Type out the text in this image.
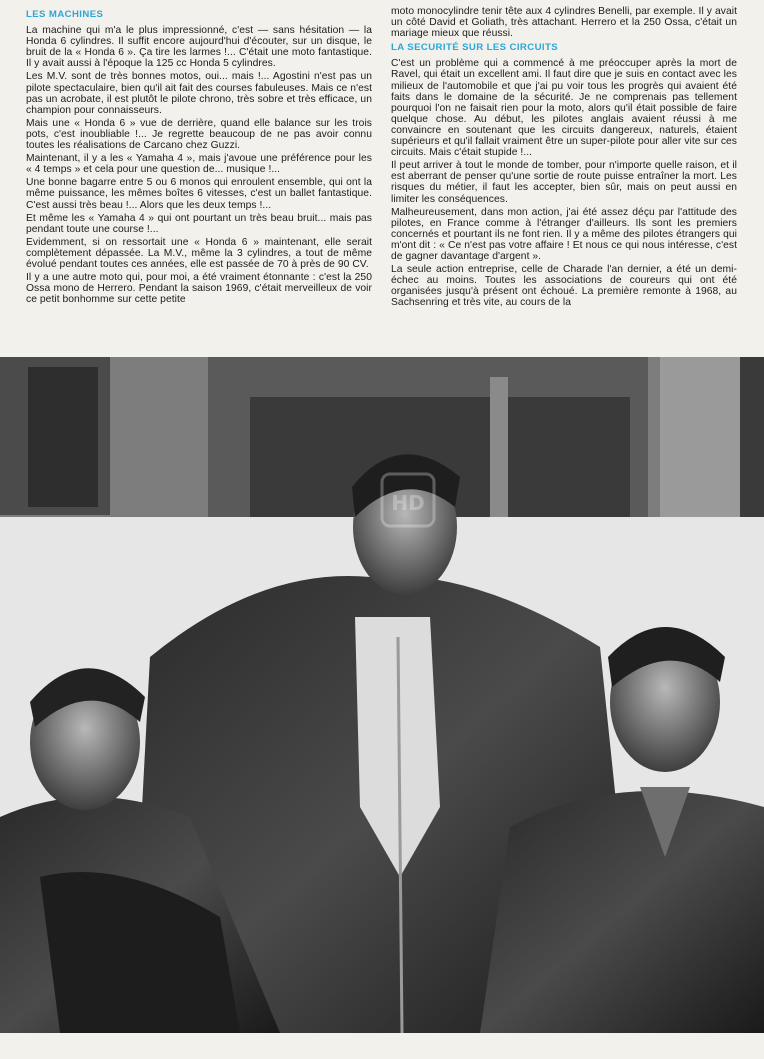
LES MACHINES

La machine qui m'a le plus impressionné, c'est — sans hésitation — la Honda 6 cylindres. Il suffit encore aujourd'hui d'écouter, sur un disque, le bruit de la « Honda 6 ». Ça tire les larmes !... C'était une moto fantastique. Il y avait aussi à l'époque la 125 cc Honda 5 cylindres.

Les M.V. sont de très bonnes motos, oui... mais !... Agostini n'est pas un pilote spectaculaire, bien qu'il ait fait des courses fabuleuses. Mais ce n'est pas un acrobate, il est plutôt le pilote chrono, très sobre et très efficace, un champion pour connaisseurs.

Mais une « Honda 6 » vue de derrière, quand elle balance sur les trois pots, c'est inoubliable !... Je regrette beaucoup de ne pas avoir connu toutes les réalisations de Carcano chez Guzzi.

Maintenant, il y a les « Yamaha 4 », mais j'avoue une préférence pour les « 4 temps » et cela pour une question de... musique !...

Une bonne bagarre entre 5 ou 6 monos qui enroulent ensemble, qui ont la même puissance, les mêmes boîtes 6 vitesses, c'est un ballet fantastique. C'est aussi très beau !... Alors que les deux temps !...

Et même les « Yamaha 4 » qui ont pourtant un très beau bruit... mais pas pendant toute une course !...

Evidemment, si on ressortait une « Honda 6 » maintenant, elle serait complètement dépassée. La M.V., même la 3 cylindres, a tout de même évolué pendant toutes ces années, elle est passée de 70 à près de 90 CV.

Il y a une autre moto qui, pour moi, a été vraiment étonnante : c'est la 250 Ossa mono de Herrero. Pendant la saison 1969, c'était merveilleux de voir ce petit bonhomme sur cette petite

moto monocylindre tenir tête aux 4 cylindres Benelli, par exemple. Il y avait un côté David et Goliath, très attachant. Herrero et la 250 Ossa, c'était un mariage mieux que réussi.

LA SECURITÉ SUR LES CIRCUITS

C'est un problème qui a commencé à me préoccuper après la mort de Ravel, qui était un excellent ami. Il faut dire que je suis en contact avec les milieux de l'automobile et que j'ai pu voir tous les progrès qui avaient été faits dans le domaine de la sécurité. Je ne comprenais pas tellement pourquoi l'on ne faisait rien pour la moto, alors qu'il était possible de faire quelque chose. Au début, les pilotes anglais avaient réussi à me convaincre en soutenant que les circuits dangereux, naturels, étaient supérieurs et qu'il fallait vraiment être un super-pilote pour aller vite sur ces circuits. Mais c'était stupide !...

Il peut arriver à tout le monde de tomber, pour n'importe quelle raison, et il est aberrant de penser qu'une sortie de route puisse entraîner la mort. Les risques du métier, il faut les accepter, bien sûr, mais on peut aussi en limiter les conséquences.

Malheureusement, dans mon action, j'ai été assez déçu par l'attitude des pilotes, en France comme à l'étranger d'ailleurs. Ils sont les premiers concernés et pourtant ils ne font rien. Il y a même des pilotes étrangers qui m'ont dit : « Ce n'est pas votre affaire ! Et nous ce qui nous intéresse, c'est de gagner davantage d'argent ».

La seule action entreprise, celle de Charade l'an dernier, a été un demi-échec au moins. Toutes les associations de coureurs qui ont été organisées jusqu'à présent ont échoué. La première remonte à 1968, au Sachsenring et très vite, au cours de la

HD
